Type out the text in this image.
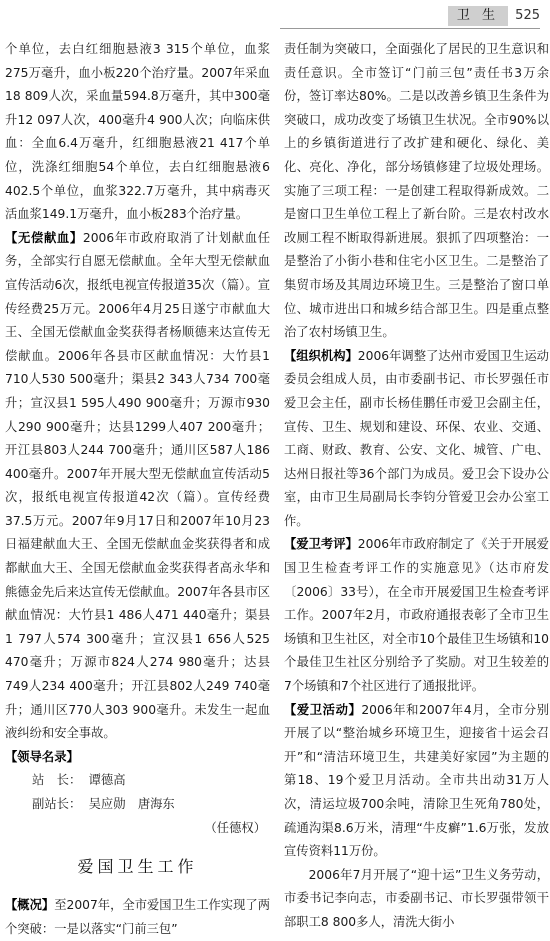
卫 生	525

个单位，去白红细胞悬液3 315个单位，血浆275万毫升，血小板220个治疗量。2007年采血18 809人次，采血量594.8万毫升，其中300毫升12 097人次，400毫升4 900人次；向临床供血：全血6.4万毫升，红细胞悬液21 417个单位，洗涤红细胞54个单位，去白红细胞悬液6 402.5个单位，血浆322.7万毫升，其中病毒灭活血浆149.1万毫升，血小板283个治疗量。

【无偿献血】2006年市政府取消了计划献血任务，全部实行自愿无偿献血。全年大型无偿献血宣传活动6次，报纸电视宣传报道35次（篇）。宣传经费25万元。2006年4月25日遂宁市献血大王、全国无偿献血金奖获得者杨顺德来达宣传无偿献血。2006年各县市区献血情况：大竹县1 710人530 500毫升；渠县2 343人734 700毫升；宣汉县1 595人490 900毫升；万源市930人290 900毫升；达县1299人407 200毫升；开江县803人244 700毫升；通川区587人186 400毫升。2007年开展大型无偿献血宣传活动5次，报纸电视宣传报道42次（篇）。宣传经费37.5万元。2007年9月17日和2007年10月23日福建献血大王、全国无偿献血金奖获得者和成都献血大王、全国无偿献血金奖获得者高永华和熊德金先后来达宣传无偿献血。2007年各县市区献血情况：大竹县1 486人471 440毫升；渠县1 797人574 300毫升；宣汉县1 656人525 470毫升；万源市824人274 980毫升；达县749人234 400毫升；开江县802人249 740毫升；通川区770人303 900毫升。未发生一起血液纠纷和安全事故。

【领导名录】

站　长： 谭德高

副站长： 吴应勋　唐海东

（任德权）

爱国卫生工作

【概况】至2007年，全市爱国卫生工作实现了两个突破：一是以落实“门前三包”

责任制为突破口，全面强化了居民的卫生意识和责任意识。全市签订“门前三包”责任书3万余份，签订率达80%。二是以改善乡镇卫生条件为突破口，成功改变了场镇卫生状况。全市90%以上的乡镇街道进行了改扩建和硬化、绿化、美化、亮化、净化，部分场镇修建了垃圾处理场。实施了三项工程：一是创建工程取得新成效。二是窗口卫生单位工程上了新台阶。三是农村改水改厕工程不断取得新进展。狠抓了四项整治：一是整治了小街小巷和住宅小区卫生。二是整治了集贸市场及其周边环境卫生。三是整治了窗口单位、城市进出口和城乡结合部卫生。四是重点整治了农村场镇卫生。

【组织机构】2006年调整了达州市爱国卫生运动委员会组成人员，由市委副书记、市长罗强任市爱卫会主任，副市长杨佳鹏任市爱卫会副主任，宣传、卫生、规划和建设、环保、农业、交通、工商、财政、教育、公安、文化、城管、广电、达州日报社等36个部门为成员。爱卫会下设办公室，由市卫生局副局长李钧分管爱卫会办公室工作。

【爱卫考评】2006年市政府制定了《关于开展爱国卫生检查考评工作的实施意见》（达市府发〔2006〕33号），在全市开展爱国卫生检查考评工作。2007年2月，市政府通报表彰了全市卫生场镇和卫生社区，对全市10个最佳卫生场镇和10个最佳卫生社区分别给予了奖励。对卫生较差的7个场镇和7个社区进行了通报批评。

【爱卫活动】2006年和2007年4月，全市分别开展了以“整治城乡环境卫生，迎接省十运会召开”和“清洁环境卫生，共建美好家园”为主题的第18、19个爱卫月活动。全市共出动31万人次，清运垃圾700余吨，清除卫生死角780处，疏通沟渠8.6万米，清理“牛皮癣”1.6万张，发放宣传资料11万份。

2006年7月开展了“迎十运”卫生义务劳动，市委书记李向志，市委副书记、市长罗强带领干部职工8 800多人，清洗大街小
